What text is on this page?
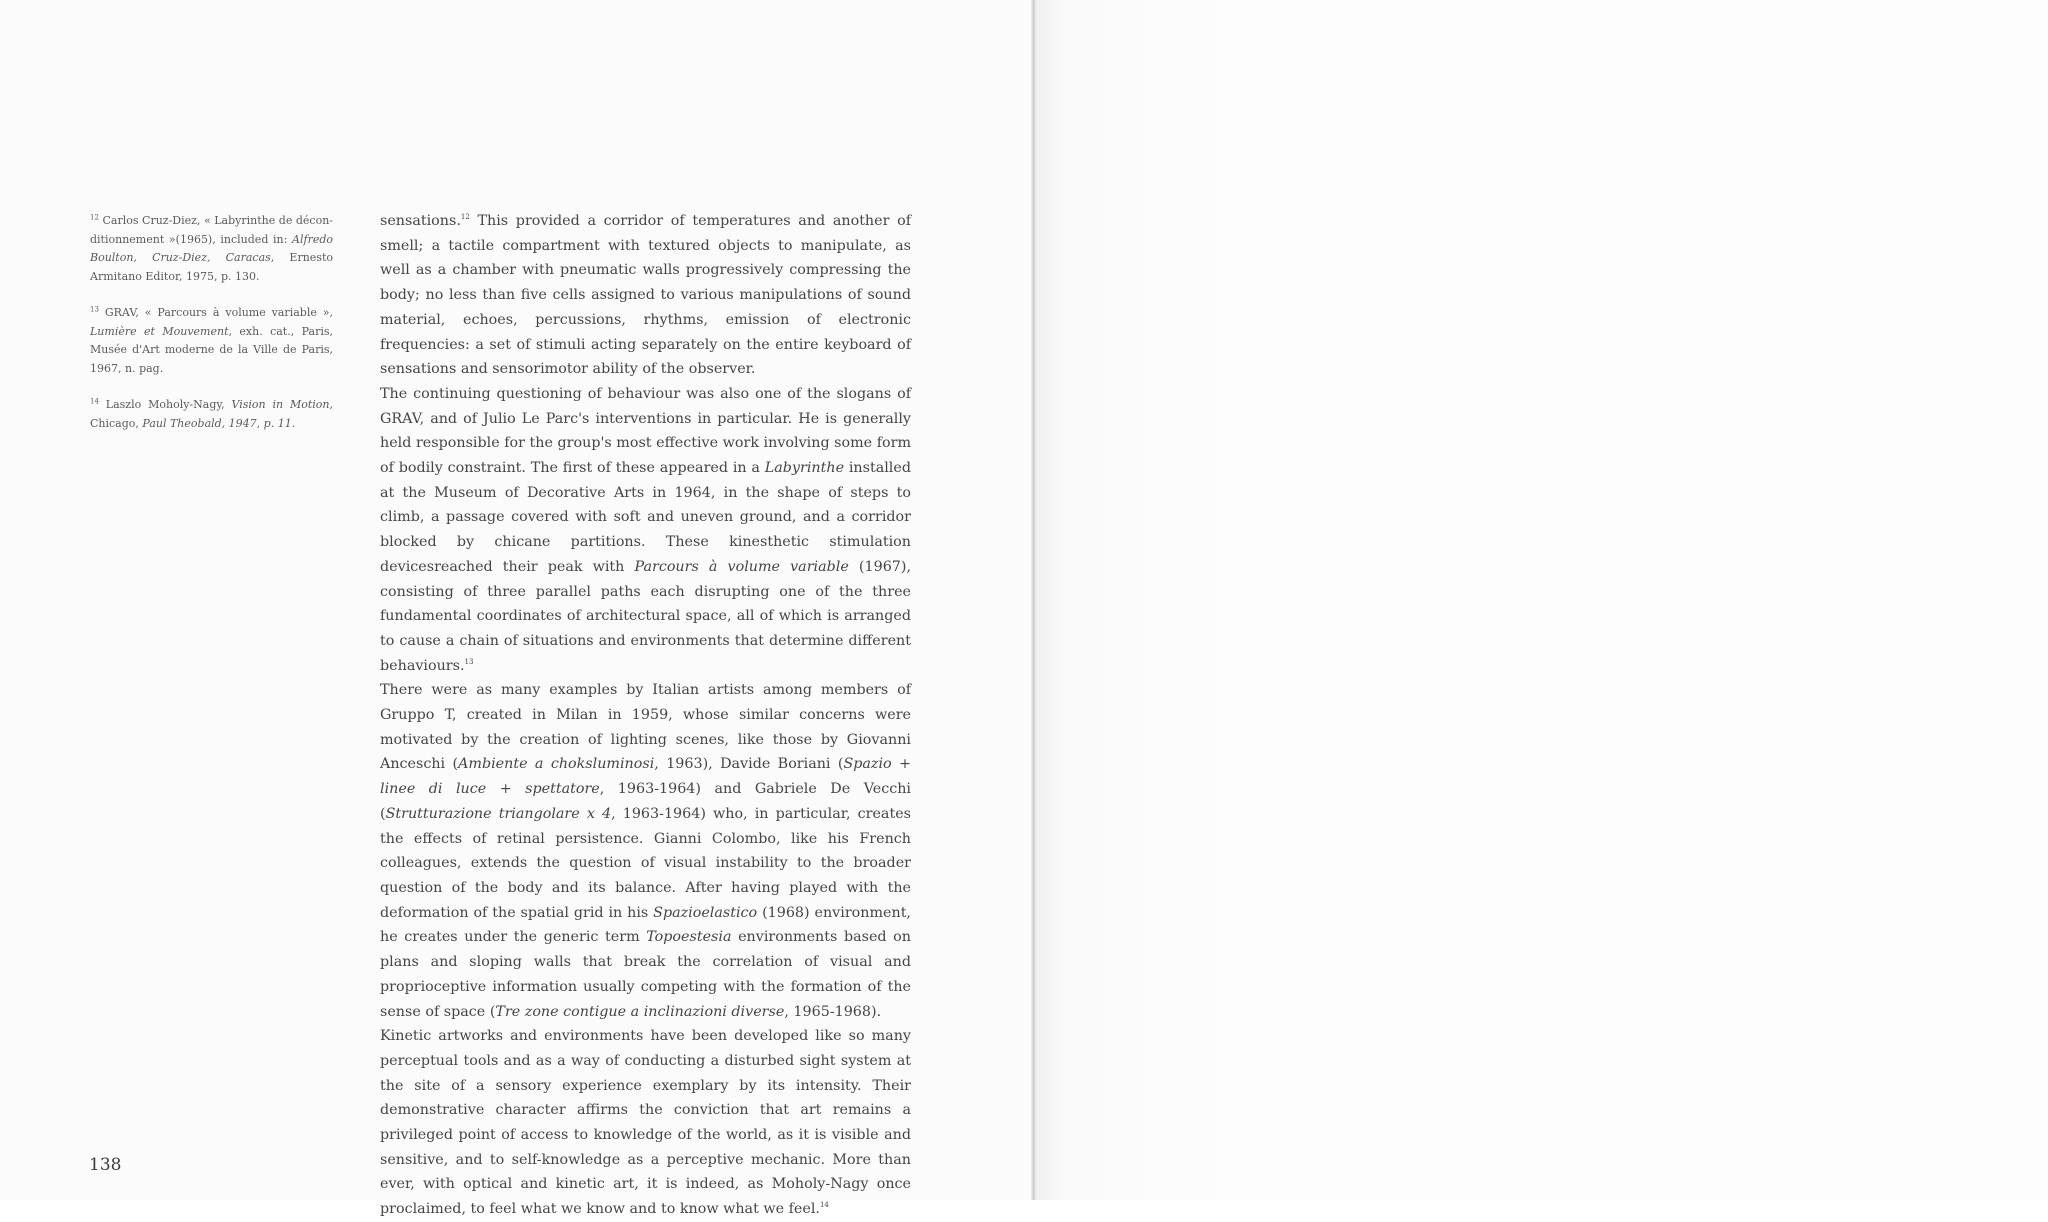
$^{12}$ Carlos Cruz-Diez, « Labyrinthe de décon-ditionnement »(1965), included in: Alfredo Boulton, Cruz-Diez, Caracas, Ernesto Armitano Editor, 1975, p. 130.

$^{13}$ GRAV, « Parcours à volume variable », Lumière et Mouvement, exh. cat., Paris, Musée d'Art moderne de la Ville de Paris, 1967, n. pag.

$^{14}$ Laszlo Moholy-Nagy, Vision in Motion, Chicago, Paul Theobald, 1947, p. 11.

sensations.$^{12}$ This provided a corridor of temperatures and another of smell; a tactile compartment with textured objects to manipulate, as well as a chamber with pneumatic walls progressively compressing the body; no less than five cells assigned to various manipulations of sound material, echoes, percussions, rhythms, emission of electronic frequencies: a set of stimuli acting separately on the entire keyboard of sensations and sensorimotor ability of the observer.

The continuing questioning of behaviour was also one of the slogans of GRAV, and of Julio Le Parc's interventions in particular. He is generally held responsible for the group's most effective work involving some form of bodily constraint. The first of these appeared in a Labyrinthe installed at the Museum of Decorative Arts in 1964, in the shape of steps to climb, a passage covered with soft and uneven ground, and a corridor blocked by chicane partitions. These kinesthetic stimulation devicesreached their peak with Parcours à volume variable (1967), consisting of three parallel paths each disrupting one of the three fundamental coordinates of architectural space, all of which is arranged to cause a chain of situations and environments that determine different behaviours.$^{13}$

There were as many examples by Italian artists among members of Gruppo T, created in Milan in 1959, whose similar concerns were motivated by the creation of lighting scenes, like those by Giovanni Anceschi (Ambiente a choksluminosi, 1963), Davide Boriani (Spazio + linee di luce + spettatore, 1963-1964) and Gabriele De Vecchi (Strutturazione triangolare x 4, 1963-1964) who, in particular, creates the effects of retinal persistence. Gianni Colombo, like his French colleagues, extends the question of visual instability to the broader question of the body and its balance. After having played with the deformation of the spatial grid in his Spazioelastico (1968) environment, he creates under the generic term Topoestesia environments based on plans and sloping walls that break the correlation of visual and proprioceptive information usually competing with the formation of the sense of space (Tre zone contigue a inclinazioni diverse, 1965-1968).

Kinetic artworks and environments have been developed like so many perceptual tools and as a way of conducting a disturbed sight system at the site of a sensory experience exemplary by its intensity. Their demonstrative character affirms the conviction that art remains a privileged point of access to knowledge of the world, as it is visible and sensitive, and to self-knowledge as a perceptive mechanic. More than ever, with optical and kinetic art, it is indeed, as Moholy-Nagy once proclaimed, to feel what we know and to know what we feel.$^{14}$

138
